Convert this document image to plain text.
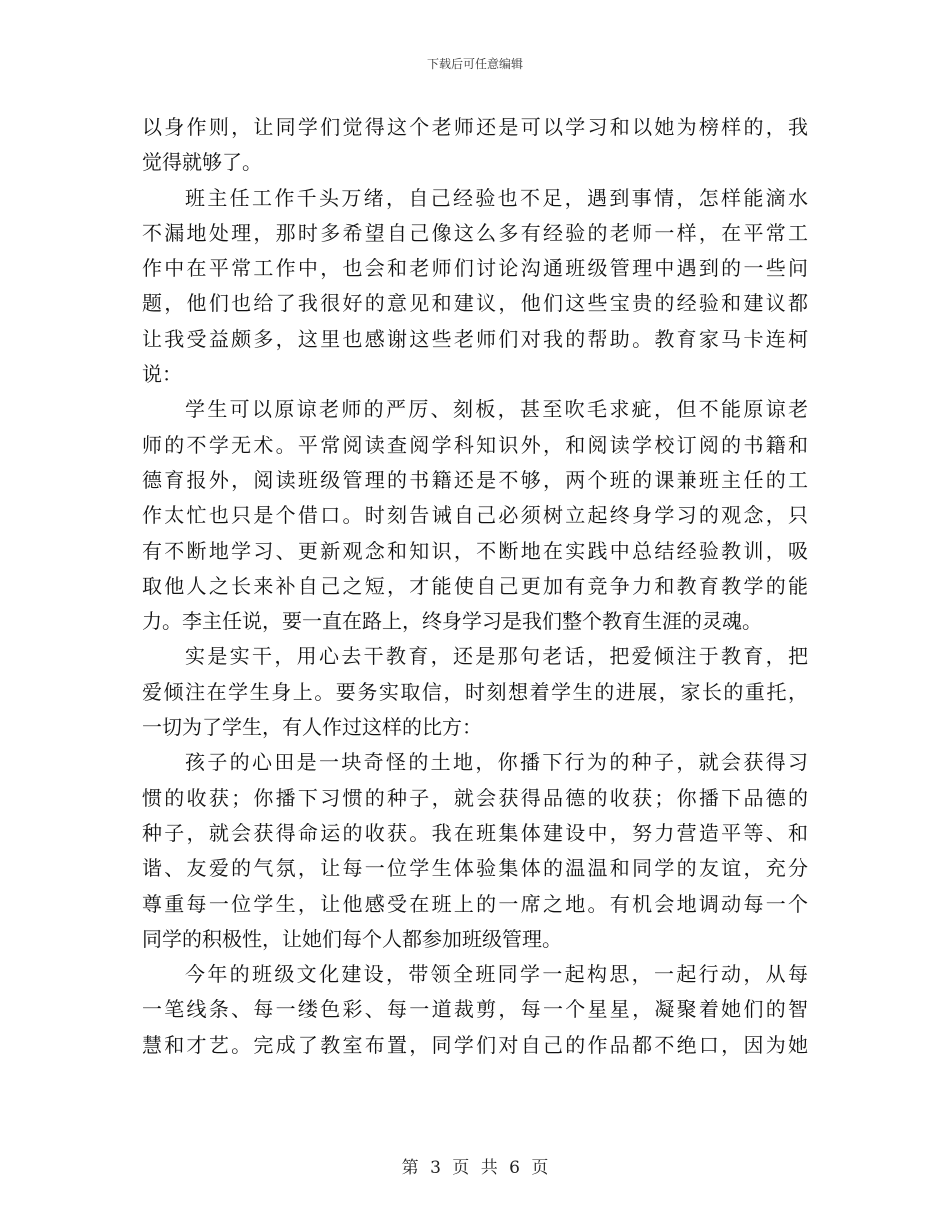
下载后可任意编辑
以身作则，让同学们觉得这个老师还是可以学习和以她为榜样的，我
觉得就够了。
班主任工作千头万绪，自己经验也不足，遇到事情，怎样能滴水
不漏地处理，那时多希望自己像这么多有经验的老师一样，在平常工
作中在平常工作中，也会和老师们讨论沟通班级管理中遇到的一些问
题，他们也给了我很好的意见和建议，他们这些宝贵的经验和建议都
让我受益颇多，这里也感谢这些老师们对我的帮助。教育家马卡连柯
说：
学生可以原谅老师的严厉、刻板，甚至吹毛求疵，但不能原谅老
师的不学无术。平常阅读查阅学科知识外，和阅读学校订阅的书籍和
德育报外，阅读班级管理的书籍还是不够，两个班的课兼班主任的工
作太忙也只是个借口。时刻告诫自己必须树立起终身学习的观念，只
有不断地学习、更新观念和知识，不断地在实践中总结经验教训，吸
取他人之长来补自己之短，才能使自己更加有竞争力和教育教学的能
力。李主任说，要一直在路上，终身学习是我们整个教育生涯的灵魂。
实是实干，用心去干教育，还是那句老话，把爱倾注于教育，把
爱倾注在学生身上。要务实取信，时刻想着学生的进展，家长的重托，
一切为了学生，有人作过这样的比方：
孩子的心田是一块奇怪的土地，你播下行为的种子，就会获得习
惯的收获；你播下习惯的种子，就会获得品德的收获；你播下品德的
种子，就会获得命运的收获。我在班集体建设中，努力营造平等、和
谐、友爱的气氛，让每一位学生体验集体的温温和同学的友谊，充分
尊重每一位学生，让他感受在班上的一席之地。有机会地调动每一个
同学的积极性，让她们每个人都参加班级管理。
今年的班级文化建设，带领全班同学一起构思，一起行动，从每
一笔线条、每一缕色彩、每一道裁剪，每一个星星，凝聚着她们的智
慧和才艺。完成了教室布置，同学们对自己的作品都不绝口，因为她
第 3 页 共 6 页
